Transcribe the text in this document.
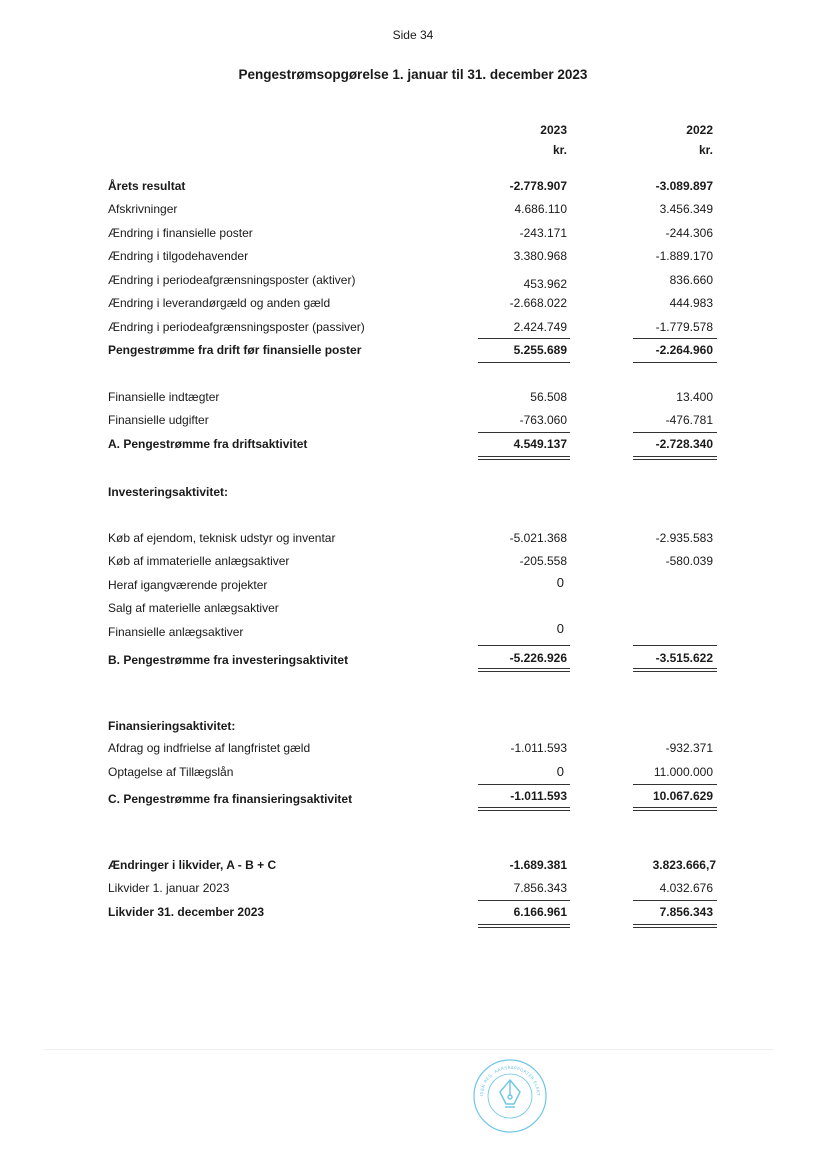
Side 34
Pengestrømsopgørelse 1. januar til 31. december 2023
2023
kr.
2022
kr.
Årets resultat	-2.778.907	-3.089.897
Afskrivninger	4.686.110	3.456.349
Ændring i finansielle poster	-243.171	-244.306
Ændring i tilgodehavender	3.380.968	-1.889.170
Ændring i periodeafgrænsningsposter (aktiver)	453.962	836.660
Ændring i leverandørgæld og anden gæld	-2.668.022	444.983
Ændring i periodeafgrænsningsposter (passiver)	2.424.749	-1.779.578
Pengestrømme fra drift før finansielle poster	5.255.689	-2.264.960
Finansielle indtægter	56.508	13.400
Finansielle udgifter	-763.060	-476.781
A. Pengestrømme fra driftsaktivitet	4.549.137	-2.728.340
Investeringsaktivitet:
Køb af ejendom, teknisk udstyr og inventar	-5.021.368	-2.935.583
Køb af immaterielle anlægsaktiver	-205.558	-580.039
Heraf igangværende projekter	0
Salg af materielle anlægsaktiver
Finansielle anlægsaktiver	0
B. Pengestrømme fra investeringsaktivitet	-5.226.926	-3.515.622
Finansieringsaktivitet:
Afdrag og indfrielse af langfristet gæld	-1.011.593	-932.371
Optagelse af Tillægslån	0	11.000.000
C. Pengestrømme fra finansieringsaktivitet	-1.011.593	10.067.629
Ændringer i likvider, A - B + C	-1.689.381	3.823.666,7
Likvider 1. januar 2023	7.856.343	4.032.676
Likvider 31. december 2023	6.166.961	7.856.343
ISBN REG. AARSRAPPORTER ELEKT
